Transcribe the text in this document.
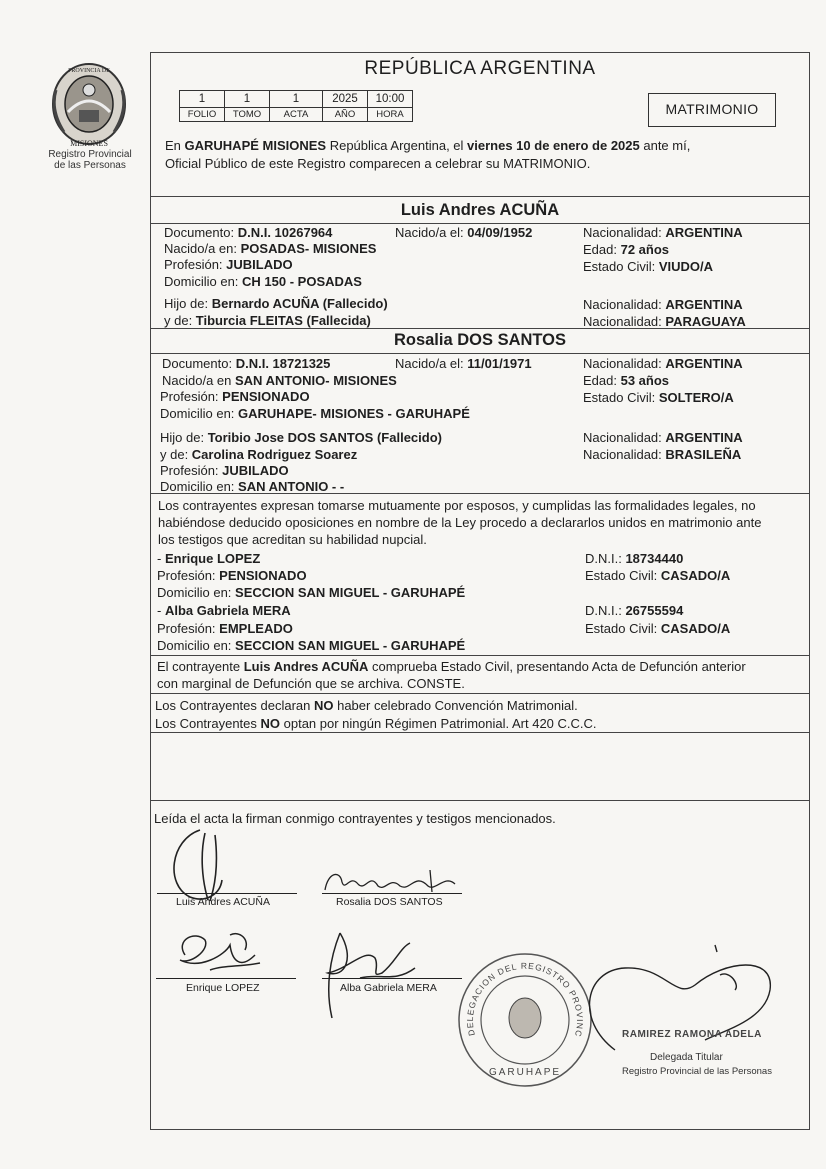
PROVINCIA DE
MISIONES
Registro Provincial
de las Personas
REPÚBLICA ARGENTINA
1	1	1	2025	10:00
FOLIO	TOMO	ACTA	AÑO	HORA	MATRIMONIO
En GARUHAPÉ MISIONES República Argentina, el viernes 10 de enero de 2025 ante mí,
Oficial Público de este Registro comparecen a celebrar su MATRIMONIO.
Luis Andres ACUÑA
Documento: D.N.I. 10267964	Nacido/a el: 04/09/1952	Nacionalidad: ARGENTINA
Nacido/a en: POSADAS- MISIONES	Edad: 72 años
Profesión: JUBILADO	Estado Civil: VIUDO/A
Domicilio en: CH 150 - POSADAS
Hijo de: Bernardo ACUÑA (Fallecido)	Nacionalidad: ARGENTINA
y de: Tiburcia FLEITAS (Fallecida)	Nacionalidad: PARAGUAYA
Rosalia DOS SANTOS
Documento: D.N.I. 18721325	Nacido/a el: 11/01/1971	Nacionalidad: ARGENTINA
Nacido/a en SAN ANTONIO- MISIONES	Edad: 53 años
Profesión: PENSIONADO	Estado Civil: SOLTERO/A
Domicilio en: GARUHAPE- MISIONES - GARUHAPÉ
Hijo de: Toribio Jose DOS SANTOS (Fallecido)	Nacionalidad: ARGENTINA
y de: Carolina Rodriguez Soarez	Nacionalidad: BRASILEÑA
Profesión: JUBILADO
Domicilio en: SAN ANTONIO - -
Los contrayentes expresan tomarse mutuamente por esposos, y cumplidas las formalidades legales, no
habiéndose deducido oposiciones en nombre de la Ley procedo a declararlos unidos en matrimonio ante
los testigos que acreditan su habilidad nupcial.
- Enrique LOPEZ	D.N.I.: 18734440
Profesión: PENSIONADO	Estado Civil: CASADO/A
Domicilio en: SECCION SAN MIGUEL - GARUHAPÉ
- Alba Gabriela MERA	D.N.I.: 26755594
Profesión: EMPLEADO	Estado Civil: CASADO/A
Domicilio en: SECCION SAN MIGUEL - GARUHAPÉ
El contrayente Luis Andres ACUÑA comprueba Estado Civil, presentando Acta de Defunción anterior
con marginal de Defunción que se archiva. CONSTE.
Los Contrayentes declaran NO haber celebrado Convención Matrimonial.
Los Contrayentes NO optan por ningún Régimen Patrimonial. Art 420 C.C.C.
Leída el acta la firman conmigo contrayentes y testigos mencionados.
Luis Andres ACUÑA	Rosalia DOS SANTOS
Enrique LOPEZ	Alba Gabriela MERA
DELEGACION DEL REGISTRO PROVINCIAL DE LAS PERSONAS
GARUHAPE
RAMIREZ RAMONA ADELA
Delegada Titular
Registro Provincial de las Personas
